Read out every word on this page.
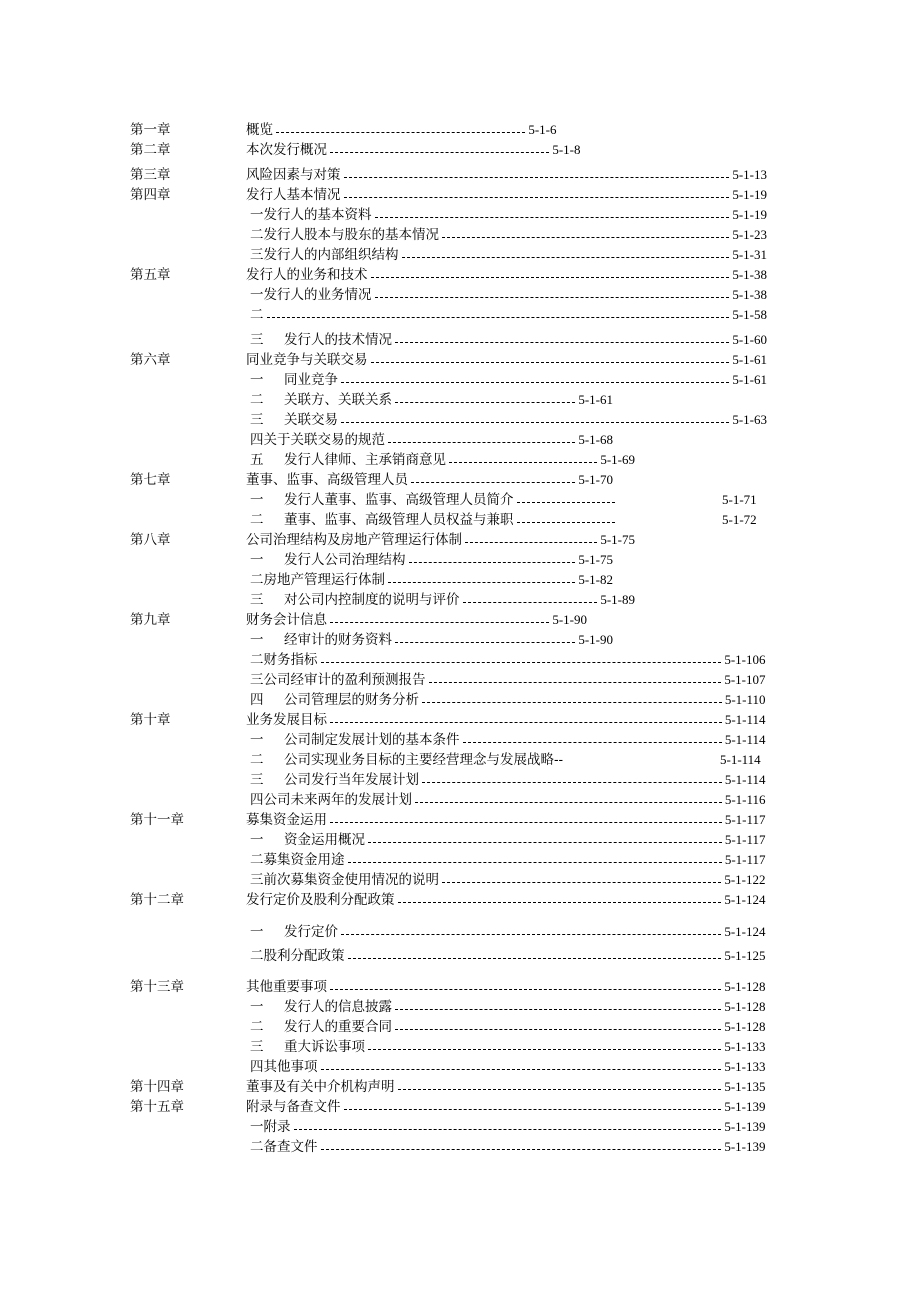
第一章	概览	5-1-6
第二章	本次发行概况	5-1-8
第三章	风险因素与对策	5-1-13
第四章	发行人基本情况	5-1-19
一发行人的基本资料	5-1-19
二发行人股本与股东的基本情况	5-1-23
三发行人的内部组织结构	5-1-31
第五章	发行人的业务和技术	5-1-38
一发行人的业务情况	5-1-38
二	5-1-58
三	发行人的技术情况	5-1-60
第六章	同业竞争与关联交易	5-1-61
一	同业竞争	5-1-61
二	关联方、关联关系	5-1-61
三	关联交易	5-1-63
四关于关联交易的规范	5-1-68
五	发行人律师、主承销商意见	5-1-69
第七章	董事、监事、高级管理人员	5-1-70
一	发行人董事、监事、高级管理人员简介	5-1-71
二	董事、监事、高级管理人员权益与兼职	5-1-72
第八章	公司治理结构及房地产管理运行体制	5-1-75
一	发行人公司治理结构	5-1-75
二房地产管理运行体制	5-1-82
三	对公司内控制度的说明与评价	5-1-89
第九章	财务会计信息	5-1-90
一	经审计的财务资料	5-1-90
二财务指标	5-1-106
三公司经审计的盈利预测报告	5-1-107
四	公司管理层的财务分析	5-1-110
第十章	业务发展目标	5-1-114
一	公司制定发展计划的基本条件	5-1-114
二	公司实现业务目标的主要经营理念与发展战略--	5-1-114
三	公司发行当年发展计划	5-1-114
四公司未来两年的发展计划	5-1-116
第十一章	募集资金运用	5-1-117
一	资金运用概况	5-1-117
二募集资金用途	5-1-117
三前次募集资金使用情况的说明	5-1-122
第十二章	发行定价及股利分配政策	5-1-124
一	发行定价	5-1-124
二股利分配政策	5-1-125
第十三章	其他重要事项	5-1-128
一	发行人的信息披露	5-1-128
二	发行人的重要合同	5-1-128
三	重大诉讼事项	5-1-133
四其他事项	5-1-133
第十四章	董事及有关中介机构声明	5-1-135
第十五章	附录与备查文件	5-1-139
一附录	5-1-139
二备查文件	5-1-139
